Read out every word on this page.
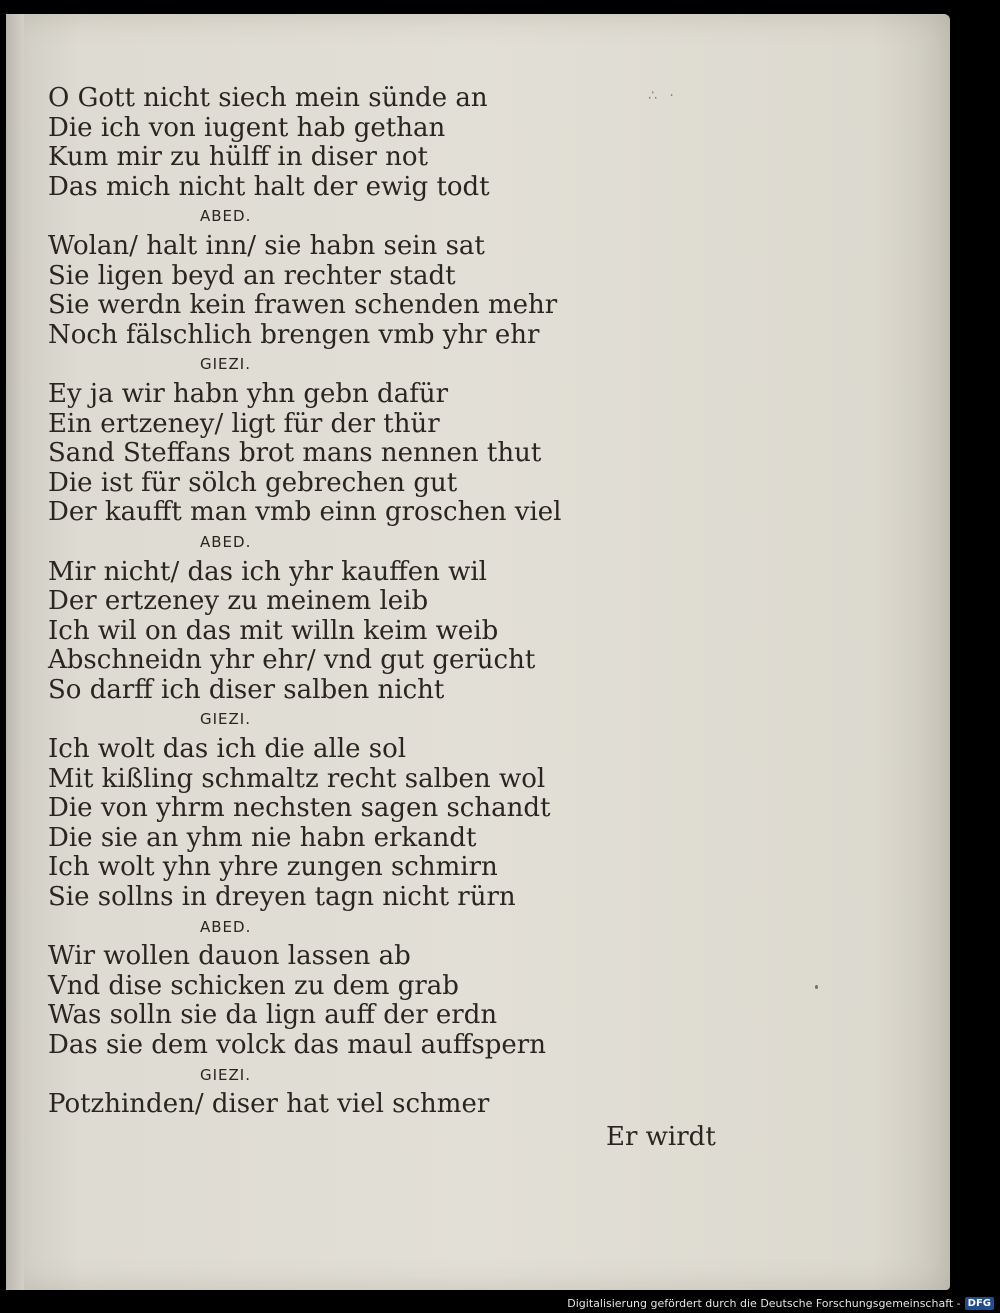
∴ ·
O Gott nicht siech mein sünde an
Die ich von iugent hab gethan
Kum mir zu hülff in diser not
Das mich nicht halt der ewig todt
ABED.
Wolan/ halt inn/ sie habn sein sat
Sie ligen beyd an rechter stadt
Sie werdn kein frawen schenden mehr
Noch fälschlich brengen vmb yhr ehr
GIEZI.
Ey ja wir habn yhn gebn dafür
Ein ertzeney/ ligt für der thür
Sand Steffans brot mans nennen thut
Die ist für sölch gebrechen gut
Der kaufft man vmb einn groschen viel
ABED.
Mir nicht/ das ich yhr kauffen wil
Der ertzeney zu meinem leib
Ich wil on das mit willn keim weib
Abschneidn yhr ehr/ vnd gut gerücht
So darff ich diser salben nicht
GIEZI.
Ich wolt das ich die alle sol
Mit kißling schmaltz recht salben wol
Die von yhrm nechsten sagen schandt
Die sie an yhm nie habn erkandt
Ich wolt yhn yhre zungen schmirn
Sie sollns in dreyen tagn nicht rürn
ABED.
Wir wollen dauon lassen ab
Vnd dise schicken zu dem grab
Was solln sie da lign auff der erdn
Das sie dem volck das maul auffspern
GIEZI.
Potzhinden/ diser hat viel schmer
Er wirdt
Digitalisierung gefördert durch die Deutsche Forschungsgemeinschaft - DFG
